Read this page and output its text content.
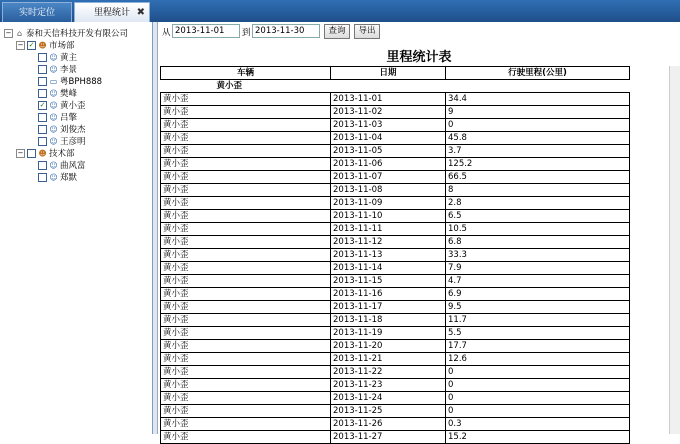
实时定位	里程统计 ✖
− ⌂ 泰和天信科技开发有限公司
− ✓ ☻ 市场部
☺ 黄主
☺ 李景
▭ 粤BPH888
☺ 樊峰
✓ ☺ 黄小歪
☺ 吕擎
☺ 刘俊杰
☺ 王彦明
− ☻ 技术部
☺ 曲风富
☺ 郑默
从 2013-11-01	到 2013-11-30	查询	导出
里程统计表
车辆	日期	行驶里程(公里)
黄小歪		
黄小歪	2013-11-01	34.4
黄小歪	2013-11-02	9
黄小歪	2013-11-03	0
黄小歪	2013-11-04	45.8
黄小歪	2013-11-05	3.7
黄小歪	2013-11-06	125.2
黄小歪	2013-11-07	66.5
黄小歪	2013-11-08	8
黄小歪	2013-11-09	2.8
黄小歪	2013-11-10	6.5
黄小歪	2013-11-11	10.5
黄小歪	2013-11-12	6.8
黄小歪	2013-11-13	33.3
黄小歪	2013-11-14	7.9
黄小歪	2013-11-15	4.7
黄小歪	2013-11-16	6.9
黄小歪	2013-11-17	9.5
黄小歪	2013-11-18	11.7
黄小歪	2013-11-19	5.5
黄小歪	2013-11-20	17.7
黄小歪	2013-11-21	12.6
黄小歪	2013-11-22	0
黄小歪	2013-11-23	0
黄小歪	2013-11-24	0
黄小歪	2013-11-25	0
黄小歪	2013-11-26	0.3
黄小歪	2013-11-27	15.2
